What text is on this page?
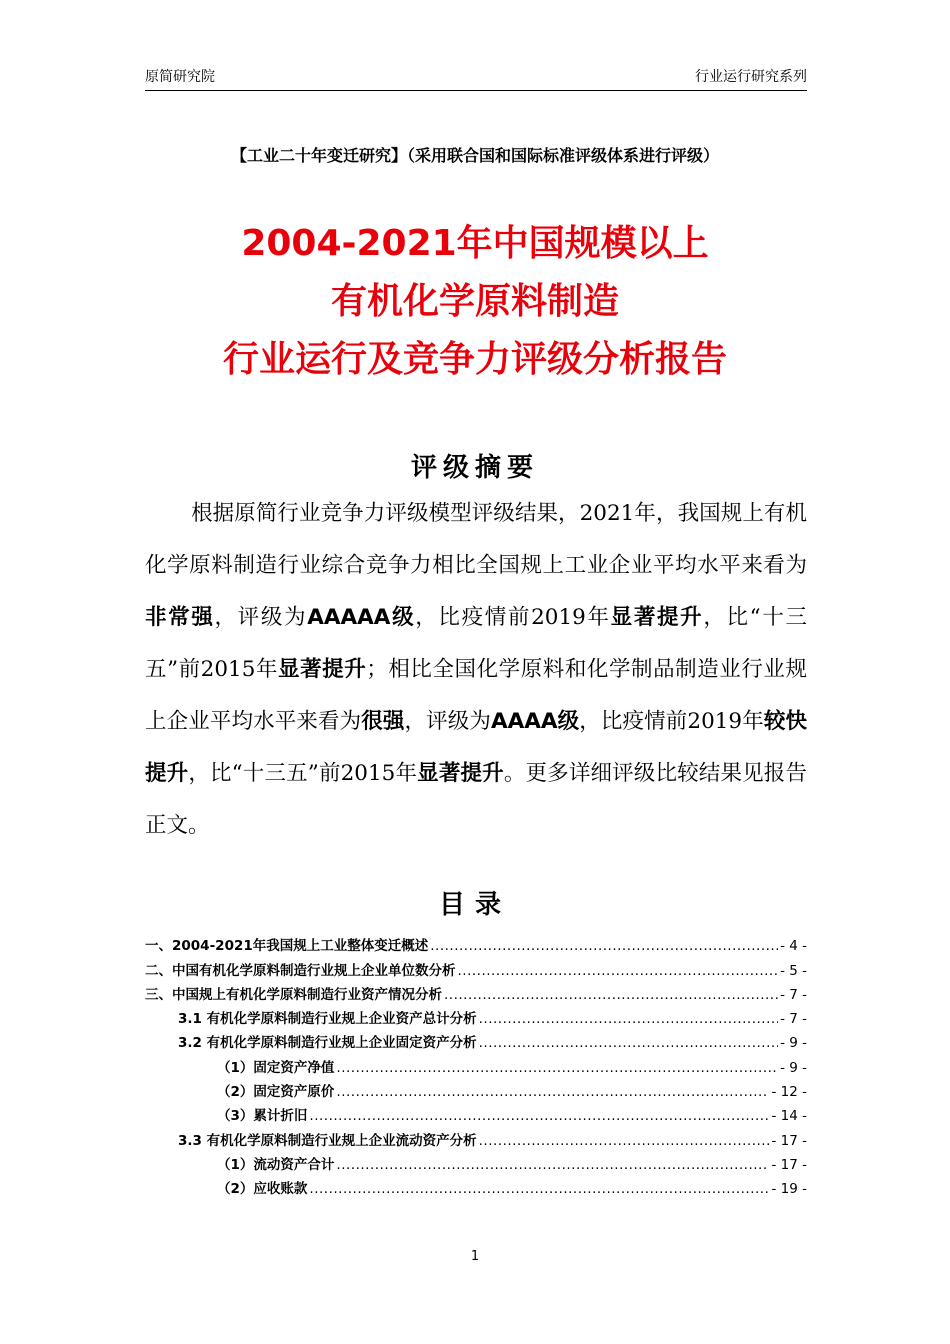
原简研究院	行业运行研究系列
【工业二十年变迁研究】（采用联合国和国际标准评级体系进行评级）
2004-2021年中国规模以上
有机化学原料制造
行业运行及竞争力评级分析报告
评级摘要
根据原简行业竞争力评级模型评级结果，2021年，我国规上有机化学原料制造行业综合竞争力相比全国规上工业企业平均水平来看为非常强，评级为AAAAA级，比疫情前2019年显著提升，比“十三五”前2015年显著提升；相比全国化学原料和化学制品制造业行业规上企业平均水平来看为很强，评级为AAAA级，比疫情前2019年较快提升，比“十三五”前2015年显著提升。更多详细评级比较结果见报告正文。
目录
一、2004-2021年我国规上工业整体变迁概述 .....	- 4 -
二、中国有机化学原料制造行业规上企业单位数分析 .....	- 5 -
三、中国规上有机化学原料制造行业资产情况分析 .....	- 7 -
3.1 有机化学原料制造行业规上企业资产总计分析 .....	- 7 -
3.2 有机化学原料制造行业规上企业固定资产分析 .....	- 9 -
（1）固定资产净值 .....	- 9 -
（2）固定资产原价 .....	- 12 -
（3）累计折旧 .....	- 14 -
3.3 有机化学原料制造行业规上企业流动资产分析 .....	- 17 -
（1）流动资产合计 .....	- 17 -
（2）应收账款 .....	- 19 -
1
